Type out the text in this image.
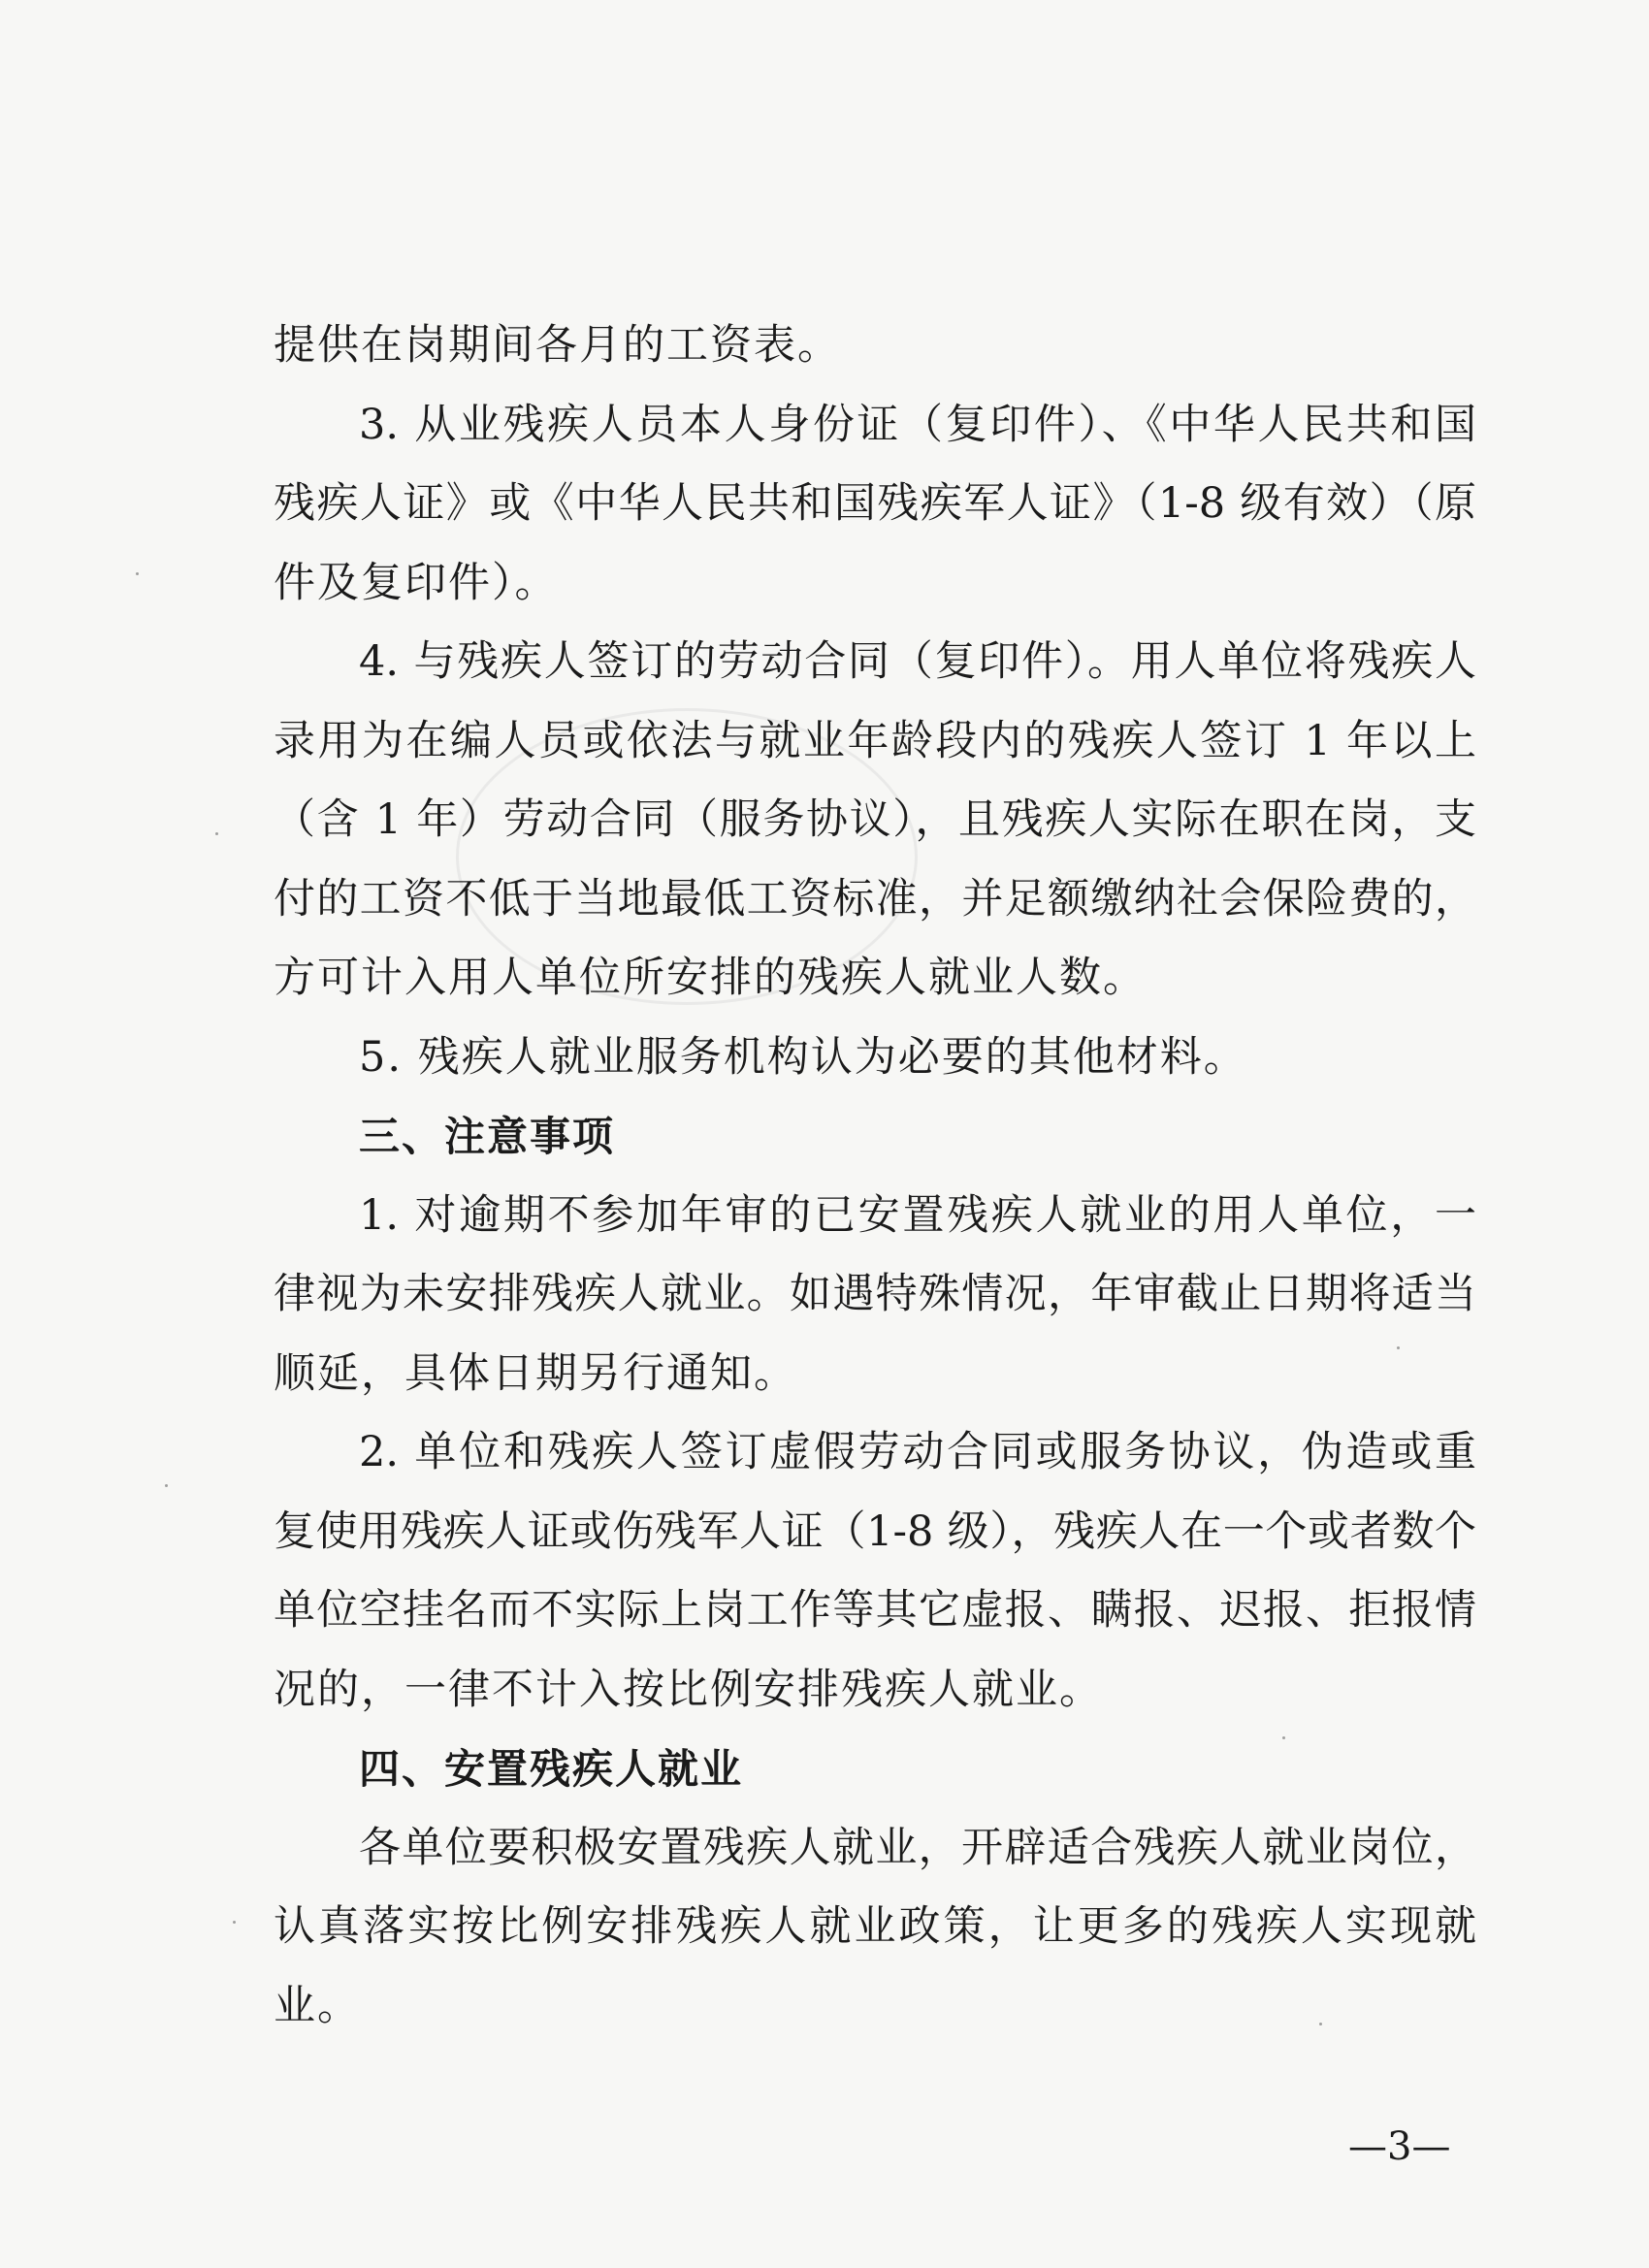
提供在岗期间各月的工资表。
3. 从业残疾人员本人身份证（复印件）、《中华人民共和国
残疾人证》或《中华人民共和国残疾军人证》（1-8 级有效）（原
件及复印件）。
4. 与残疾人签订的劳动合同（复印件）。用人单位将残疾人
录用为在编人员或依法与就业年龄段内的残疾人签订 1 年以上
（含 1 年）劳动合同（服务协议），且残疾人实际在职在岗，支
付的工资不低于当地最低工资标准，并足额缴纳社会保险费的，
方可计入用人单位所安排的残疾人就业人数。
5. 残疾人就业服务机构认为必要的其他材料。
三、注意事项
1. 对逾期不参加年审的已安置残疾人就业的用人单位，一
律视为未安排残疾人就业。如遇特殊情况，年审截止日期将适当
顺延，具体日期另行通知。
2. 单位和残疾人签订虚假劳动合同或服务协议，伪造或重
复使用残疾人证或伤残军人证（1-8 级），残疾人在一个或者数个
单位空挂名而不实际上岗工作等其它虚报、瞒报、迟报、拒报情
况的，一律不计入按比例安排残疾人就业。
四、安置残疾人就业
各单位要积极安置残疾人就业，开辟适合残疾人就业岗位，
认真落实按比例安排残疾人就业政策，让更多的残疾人实现就
业。
—3—
